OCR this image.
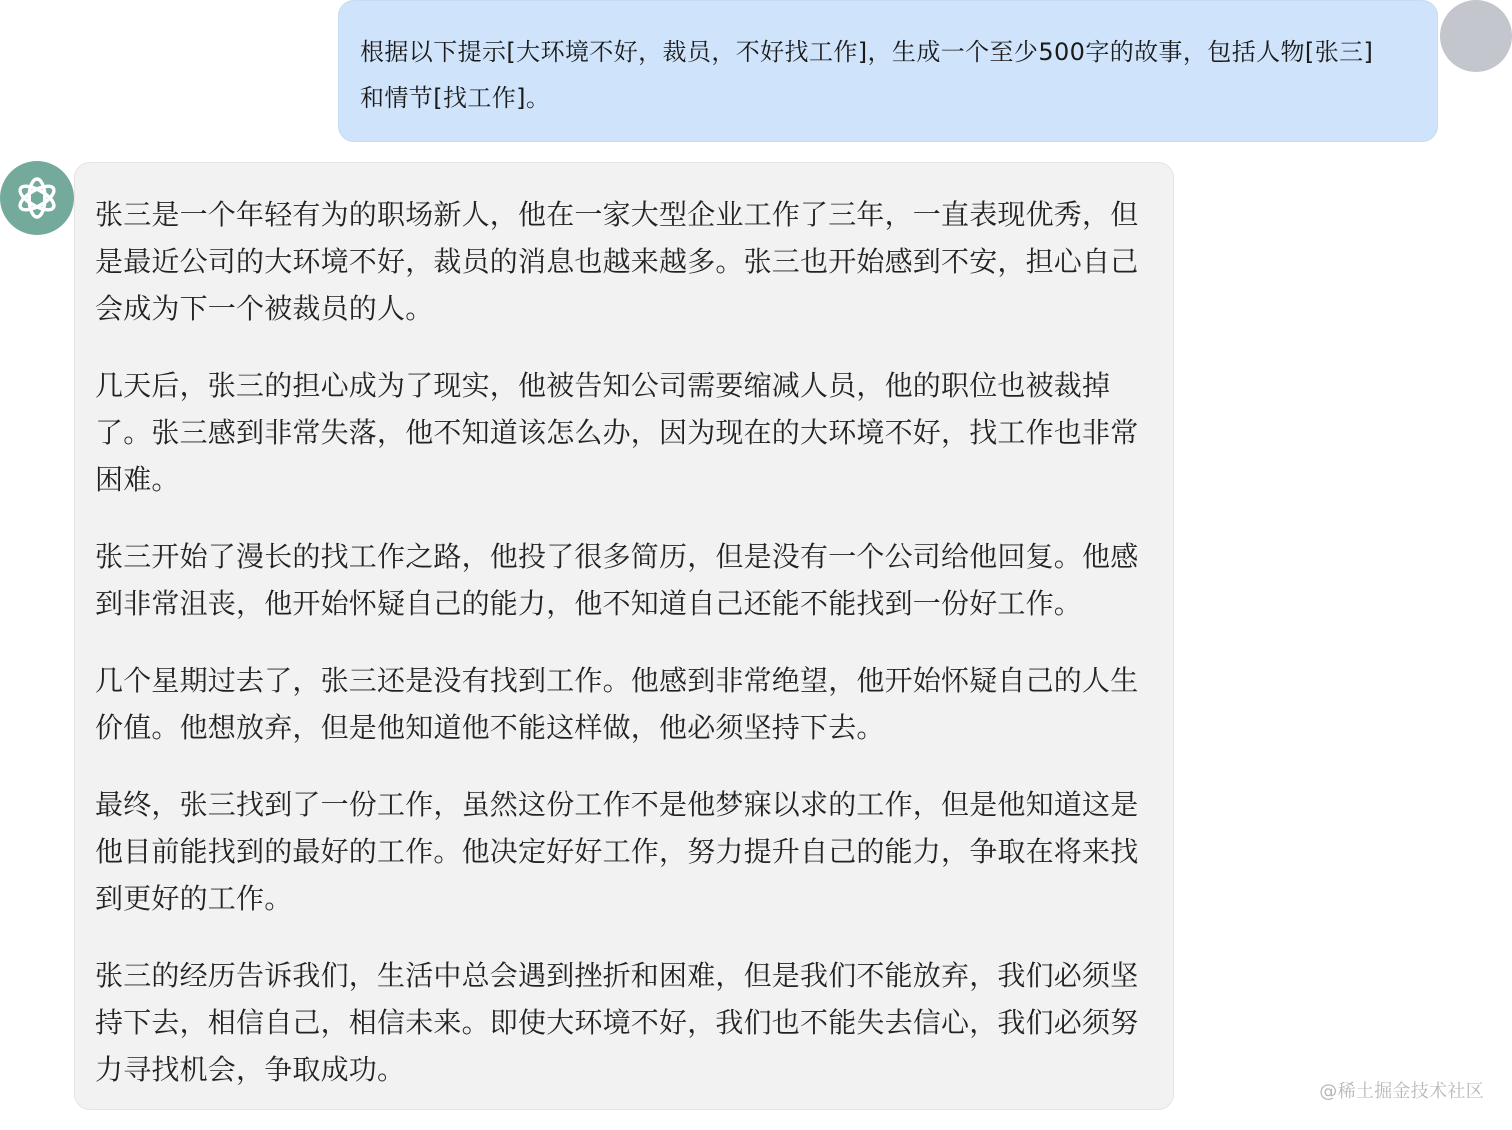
根据以下提示[大环境不好，裁员，不好找工作]，生成一个至少500字的故事，包括人物[张三]和情节[找工作]。

张三是一个年轻有为的职场新人，他在一家大型企业工作了三年，一直表现优秀，但是最近公司的大环境不好，裁员的消息也越来越多。张三也开始感到不安，担心自己会成为下一个被裁员的人。

几天后，张三的担心成为了现实，他被告知公司需要缩减人员，他的职位也被裁掉了。张三感到非常失落，他不知道该怎么办，因为现在的大环境不好，找工作也非常困难。

张三开始了漫长的找工作之路，他投了很多简历，但是没有一个公司给他回复。他感到非常沮丧，他开始怀疑自己的能力，他不知道自己还能不能找到一份好工作。

几个星期过去了，张三还是没有找到工作。他感到非常绝望，他开始怀疑自己的人生价值。他想放弃，但是他知道他不能这样做，他必须坚持下去。

最终，张三找到了一份工作，虽然这份工作不是他梦寐以求的工作，但是他知道这是他目前能找到的最好的工作。他决定好好工作，努力提升自己的能力，争取在将来找到更好的工作。

张三的经历告诉我们，生活中总会遇到挫折和困难，但是我们不能放弃，我们必须坚持下去，相信自己，相信未来。即使大环境不好，我们也不能失去信心，我们必须努力寻找机会，争取成功。

@稀土掘金技术社区
